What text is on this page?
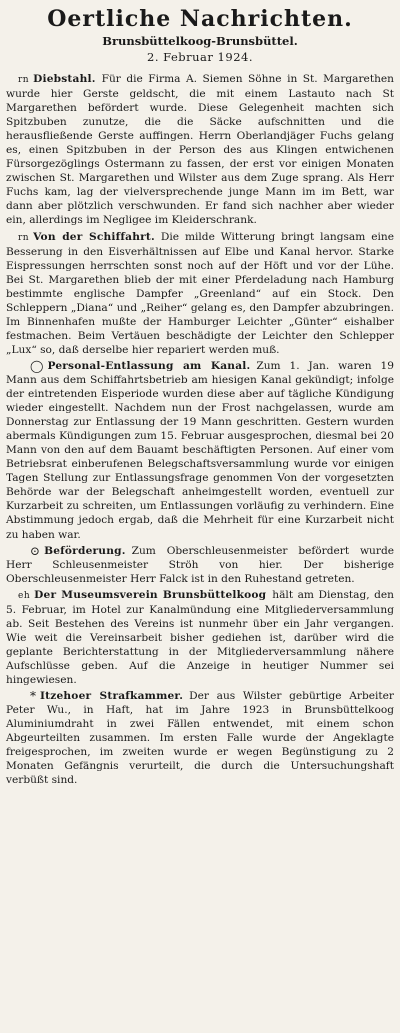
Oertliche Nachrichten.
Brunsbüttelkoog-Brunsbüttel.
2. Februar 1924.

rn Diebstahl. Für die Firma A. Siemen Söhne in St. Margarethen wurde hier Gerste geldscht, die mit einem Lastauto nach St Margarethen befördert wurde. Diese Gelegenheit machten sich Spitzbuben zunutze, die die Säcke aufschnitten und die herausfließende Gerste auffingen. Herrn Oberlandjäger Fuchs gelang es, einen Spitzbuben in der Person des aus Klingen entwichenen Fürsorgezöglings Ostermann zu fassen, der erst vor einigen Monaten zwischen St. Margarethen und Wilster aus dem Zuge sprang. Als Herr Fuchs kam, lag der vielversprechende junge Mann im im Bett, war dann aber plötzlich verschwunden. Er fand sich nachher aber wieder ein, allerdings im Negligee im Kleiderschrank.

rn Von der Schiffahrt. Die milde Witterung bringt langsam eine Besserung in den Eisverhältnissen auf Elbe und Kanal hervor. Starke Eispressungen herrschten sonst noch auf der Höft und vor der Lühe. Bei St. Margarethen blieb der mit einer Pferdeladung nach Hamburg bestimmte englische Dampfer „Greenland“ auf ein Stock. Den Schleppern „Diana“ und „Reiher“ gelang es, den Dampfer abzubringen. Im Binnenhafen mußte der Hamburger Leichter „Günter“ eishalber festmachen. Beim Vertäuen beschädigte der Leichter den Schlepper „Lux“ so, daß derselbe hier repariert werden muß.

◯ Personal-Entlassung am Kanal. Zum 1. Jan. waren 19 Mann aus dem Schiffahrtsbetrieb am hiesigen Kanal gekündigt; infolge der eintretenden Eisperiode wurden diese aber auf tägliche Kündigung wieder eingestellt. Nachdem nun der Frost nachgelassen, wurde am Donnerstag zur Entlassung der 19 Mann geschritten. Gestern wurden abermals Kündigungen zum 15. Februar ausgesprochen, diesmal bei 20 Mann von den auf dem Bauamt beschäftigten Personen. Auf einer vom Betriebsrat einberufenen Belegschaftsversammlung wurde vor einigen Tagen Stellung zur Entlassungsfrage genommen Von der vorgesetzten Behörde war der Belegschaft anheimgestellt worden, eventuell zur Kurzarbeit zu schreiten, um Entlassungen vorläufig zu verhindern. Eine Abstimmung jedoch ergab, daß die Mehrheit für eine Kurzarbeit nicht zu haben war.

⊙ Beförderung. Zum Oberschleusenmeister befördert wurde Herr Schleusenmeister Ströh von hier. Der bisherige Oberschleusenmeister Herr Falck ist in den Ruhestand getreten.

eh Der Museumsverein Brunsbüttelkoog hält am Dienstag, den 5. Februar, im Hotel zur Kanalmündung eine Mitgliederversammlung ab. Seit Bestehen des Vereins ist nunmehr über ein Jahr vergangen. Wie weit die Vereinsarbeit bisher gediehen ist, darüber wird die geplante Berichterstattung in der Mitgliederversammlung nähere Aufschlüsse geben. Auf die Anzeige in heutiger Nummer sei hingewiesen.

* Itzehoer Strafkammer. Der aus Wilster gebürtige Arbeiter Peter Wu., in Haft, hat im Jahre 1923 in Brunsbüttelkoog Aluminiumdraht in zwei Fällen entwendet, mit einem schon Abgeurteilten zusammen. Im ersten Falle wurde der Angeklagte freigesprochen, im zweiten wurde er wegen Begünstigung zu 2 Monaten Gefängnis verurteilt, die durch die Untersuchungshaft verbüßt sind.
